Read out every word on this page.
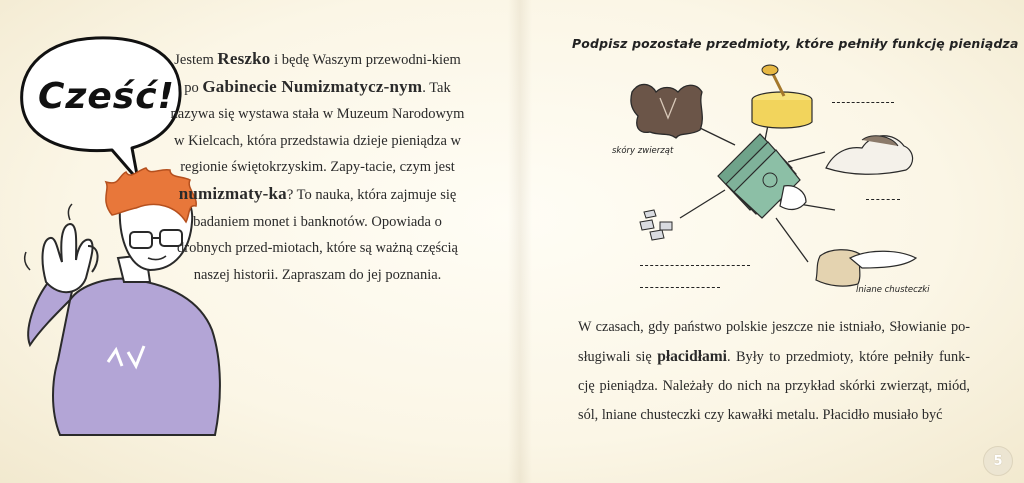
Cześć!

Jestem Reszko i będę Waszym przewodni-kiem po Gabinecie Numizmatycz-nym. Tak nazywa się wystawa stała w Muzeum Narodowym w Kielcach, która przedstawia dzieje pieniądza w regionie świętokrzyskim. Zapy-tacie, czym jest numizmaty-ka? To nauka, która zajmuje się badaniem monet i banknotów. Opowiada o drobnych przed-miotach, które są ważną częścią naszej historii. Zapraszam do jej poznania.

Podpisz pozostałe przedmioty, które pełniły funkcję pieniądza
skóry zwierząt
lniane chusteczki

W czasach, gdy państwo polskie jeszcze nie istniało, Słowianie po-sługiwali się płacidłami. Były to przedmioty, które pełniły funk-cję pieniądza. Należały do nich na przykład skórki zwierząt, miód, sól, lniane chusteczki czy kawałki metalu. Płacidło musiało być

5
